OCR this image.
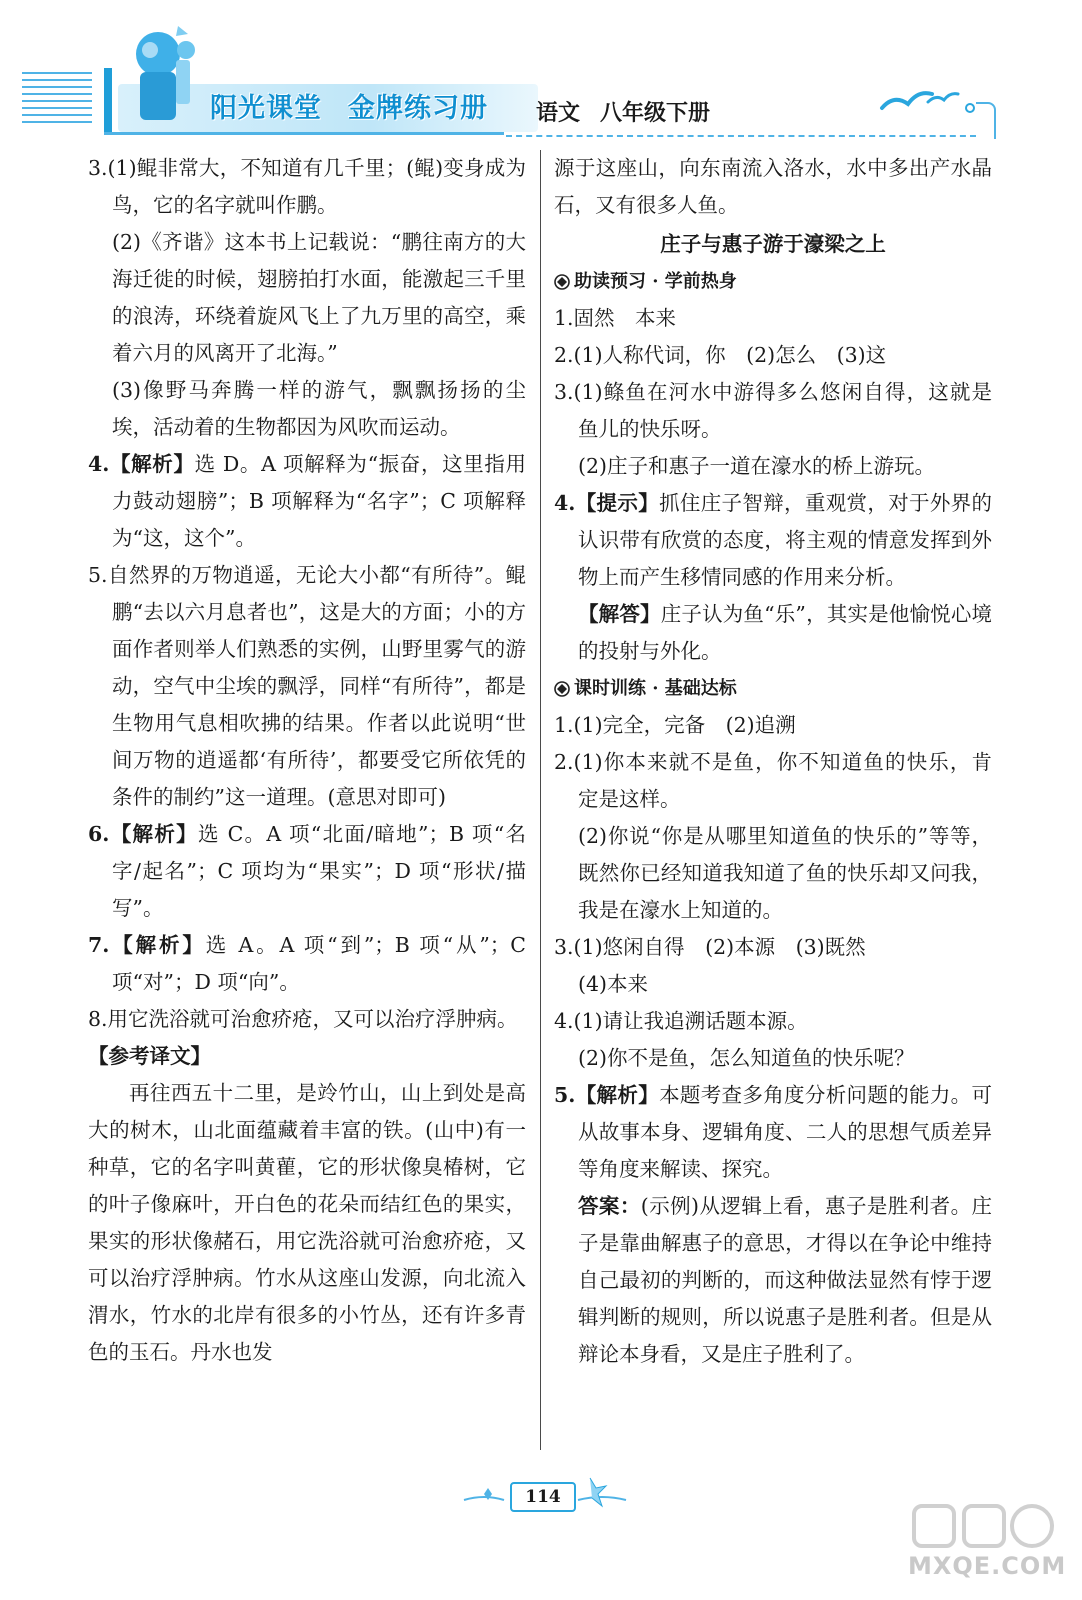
阳光课堂 金牌练习册 语文 八年级下册

3.(1)鲲非常大，不知道有几千里；(鲲)变身成为鸟，它的名字就叫作鹏。

(2)《齐谐》这本书上记载说：“鹏往南方的大海迁徙的时候，翅膀拍打水面，能激起三千里的浪涛，环绕着旋风飞上了九万里的高空，乘着六月的风离开了北海。”

(3)像野马奔腾一样的游气，飘飘扬扬的尘埃，活动着的生物都因为风吹而运动。

4.【解析】选 D。A 项解释为“振奋，这里指用力鼓动翅膀”；B 项解释为“名字”；C 项解释为“这，这个”。

5.自然界的万物逍遥，无论大小都“有所待”。鲲鹏“去以六月息者也”，这是大的方面；小的方面作者则举人们熟悉的实例，山野里雾气的游动，空气中尘埃的飘浮，同样“有所待”，都是生物用气息相吹拂的结果。作者以此说明“世间万物的逍遥都‘有所待’，都要受它所依凭的条件的制约”这一道理。(意思对即可)

6.【解析】选 C。A 项“北面/暗地”；B 项“名字/起名”；C 项均为“果实”；D 项“形状/描写”。

7.【解析】选 A。A 项“到”；B 项“从”；C 项“对”；D 项“向”。

8.用它洗浴就可治愈疥疮，又可以治疗浮肿病。

【参考译文】

再往西五十二里，是竛竹山，山上到处是高大的树木，山北面蕴藏着丰富的铁。(山中)有一种草，它的名字叫黄雚，它的形状像臭椿树，它的叶子像麻叶，开白色的花朵而结红色的果实，果实的形状像赭石，用它洗浴就可治愈疥疮，又可以治疗浮肿病。竹水从这座山发源，向北流入渭水，竹水的北岸有很多的小竹丛，还有许多青色的玉石。丹水也发

源于这座山，向东南流入洛水，水中多出产水晶石，又有很多人鱼。

庄子与惠子游于濠梁之上

助读预习 · 学前热身

1.固然　本来

2.(1)人称代词，你　(2)怎么　(3)这

3.(1)鲦鱼在河水中游得多么悠闲自得，这就是鱼儿的快乐呀。

(2)庄子和惠子一道在濠水的桥上游玩。

4.【提示】抓住庄子智辩，重观赏，对于外界的认识带有欣赏的态度，将主观的情意发挥到外物上而产生移情同感的作用来分析。

【解答】庄子认为鱼“乐”，其实是他愉悦心境的投射与外化。

课时训练 · 基础达标

1.(1)完全，完备　(2)追溯

2.(1)你本来就不是鱼，你不知道鱼的快乐，肯定是这样。

(2)你说“你是从哪里知道鱼的快乐的”等等，既然你已经知道我知道了鱼的快乐却又问我，我是在濠水上知道的。

3.(1)悠闲自得　(2)本源　(3)既然

(4)本来

4.(1)请让我追溯话题本源。

(2)你不是鱼，怎么知道鱼的快乐呢？

5.【解析】本题考查多角度分析问题的能力。可从故事本身、逻辑角度、二人的思想气质差异等角度来解读、探究。

答案：(示例)从逻辑上看，惠子是胜利者。庄子是靠曲解惠子的意思，才得以在争论中维持自己最初的判断的，而这种做法显然有悖于逻辑判断的规则，所以说惠子是胜利者。但是从辩论本身看，又是庄子胜利了。

114
MXQE.COM
